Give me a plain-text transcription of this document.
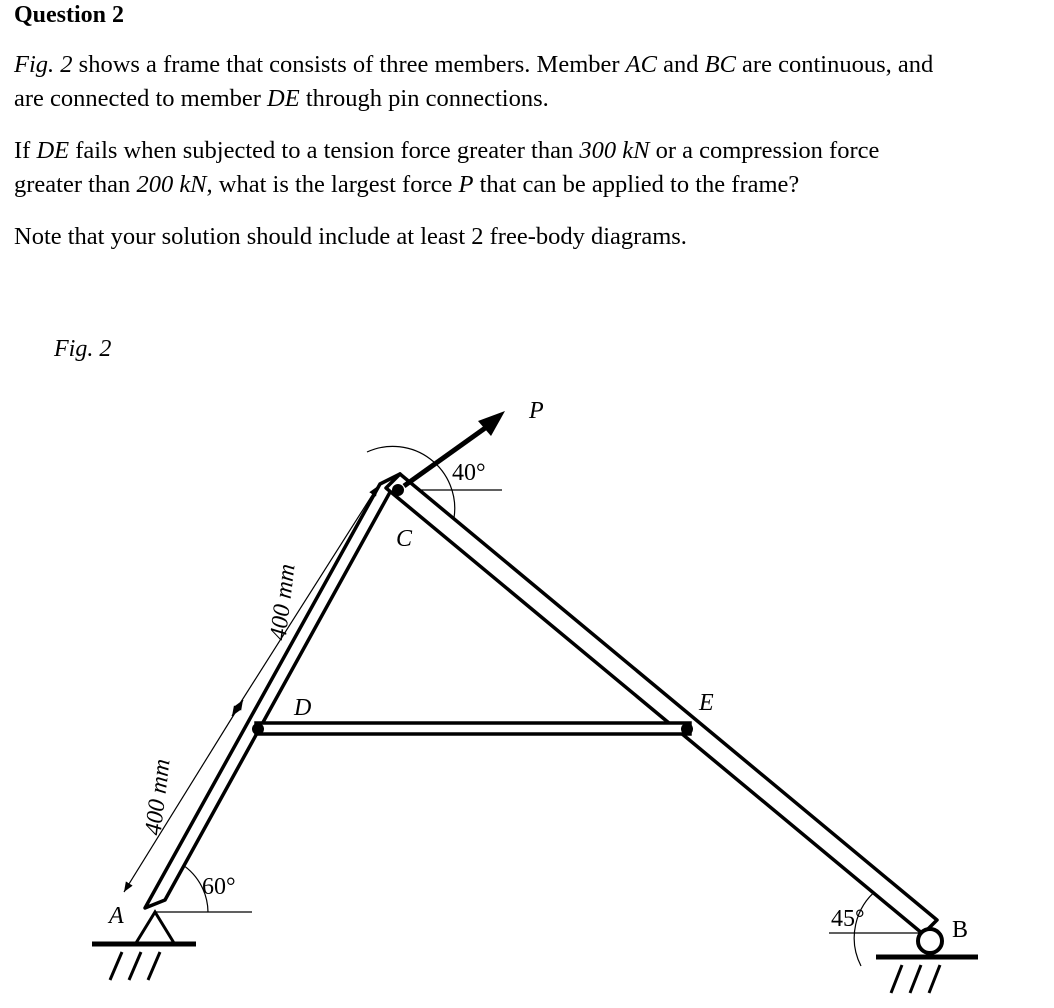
Question 2
Fig. 2 shows a frame that consists of three members. Member AC and BC are continuous, and
are connected to member DE through pin connections.
If DE fails when subjected to a tension force greater than 300 kN or a compression force
greater than 200 kN, what is the largest force P that can be applied to the frame?
Note that your solution should include at least 2 free-body diagrams.
Fig. 2
A
B
C
D	E
P
60°
45°
40°
400 mm
400 mm
